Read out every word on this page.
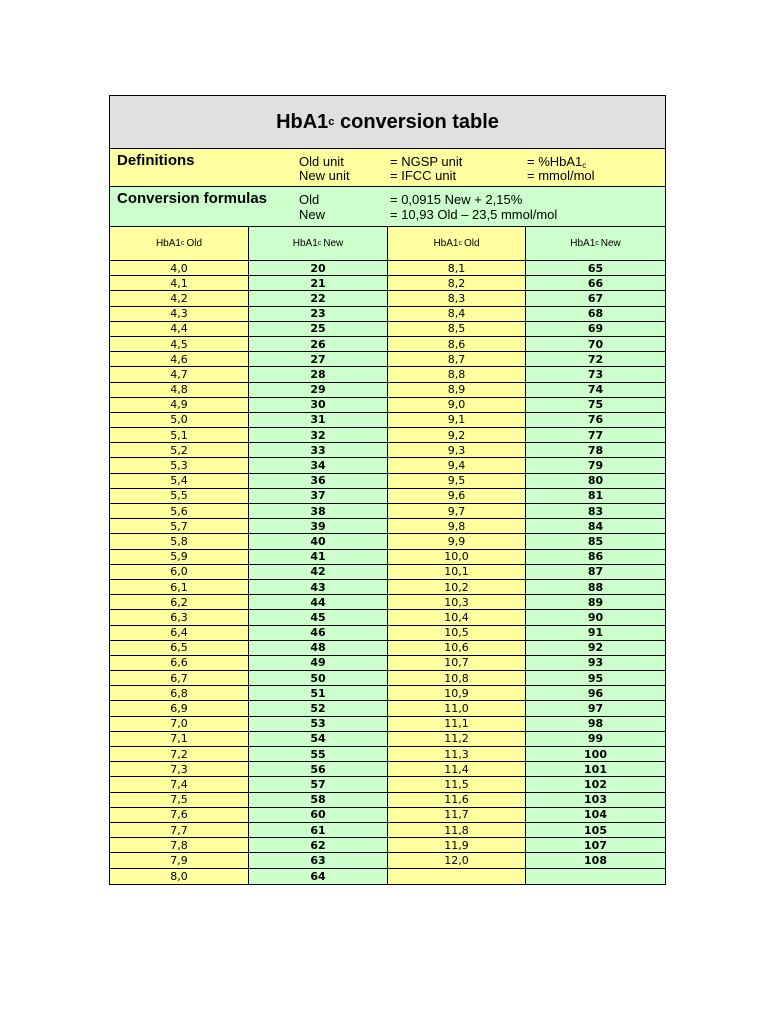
HbA1 c conversion table
Definitions	Old unit	= NGSP unit	= $\%HbA1_c$
New unit	= IFCC unit	= mmol/mol
Conversion formulas Old	= 0,0915 New + 2,15%
New	= 10,93 Old – 23,5 mmol/mol
HbA1 c Old	HbA1 c New	HbA1 c Old	HbA1 c New
4,0	20	8,1	65
4,1	21	8,2	66
4,2	22	8,3	67
4,3	23	8,4	68
4,4	25	8,5	69
4,5	26	8,6	70
4,6	27	8,7	72
4,7	28	8,8	73
4,8	29	8,9	74
4,9	30	9,0	75
5,0	31	9,1	76
5,1	32	9,2	77
5,2	33	9,3	78
5,3	34	9,4	79
5,4	36	9,5	80
5,5	37	9,6	81
5,6	38	9,7	83
5,7	39	9,8	84
5,8	40	9,9	85
5,9	41	10,0	86
6,0	42	10,1	87
6,1	43	10,2	88
6,2	44	10,3	89
6,3	45	10,4	90
6,4	46	10,5	91
6,5	48	10,6	92
6,6	49	10,7	93
6,7	50	10,8	95
6,8	51	10,9	96
6,9	52	11,0	97
7,0	53	11,1	98
7,1	54	11,2	99
7,2	55	11,3	100
7,3	56	11,4	101
7,4	57	11,5	102
7,5	58	11,6	103
7,6	60	11,7	104
7,7	61	11,8	105
7,8	62	11,9	107
7,9	63	12,0	108
8,0	64
